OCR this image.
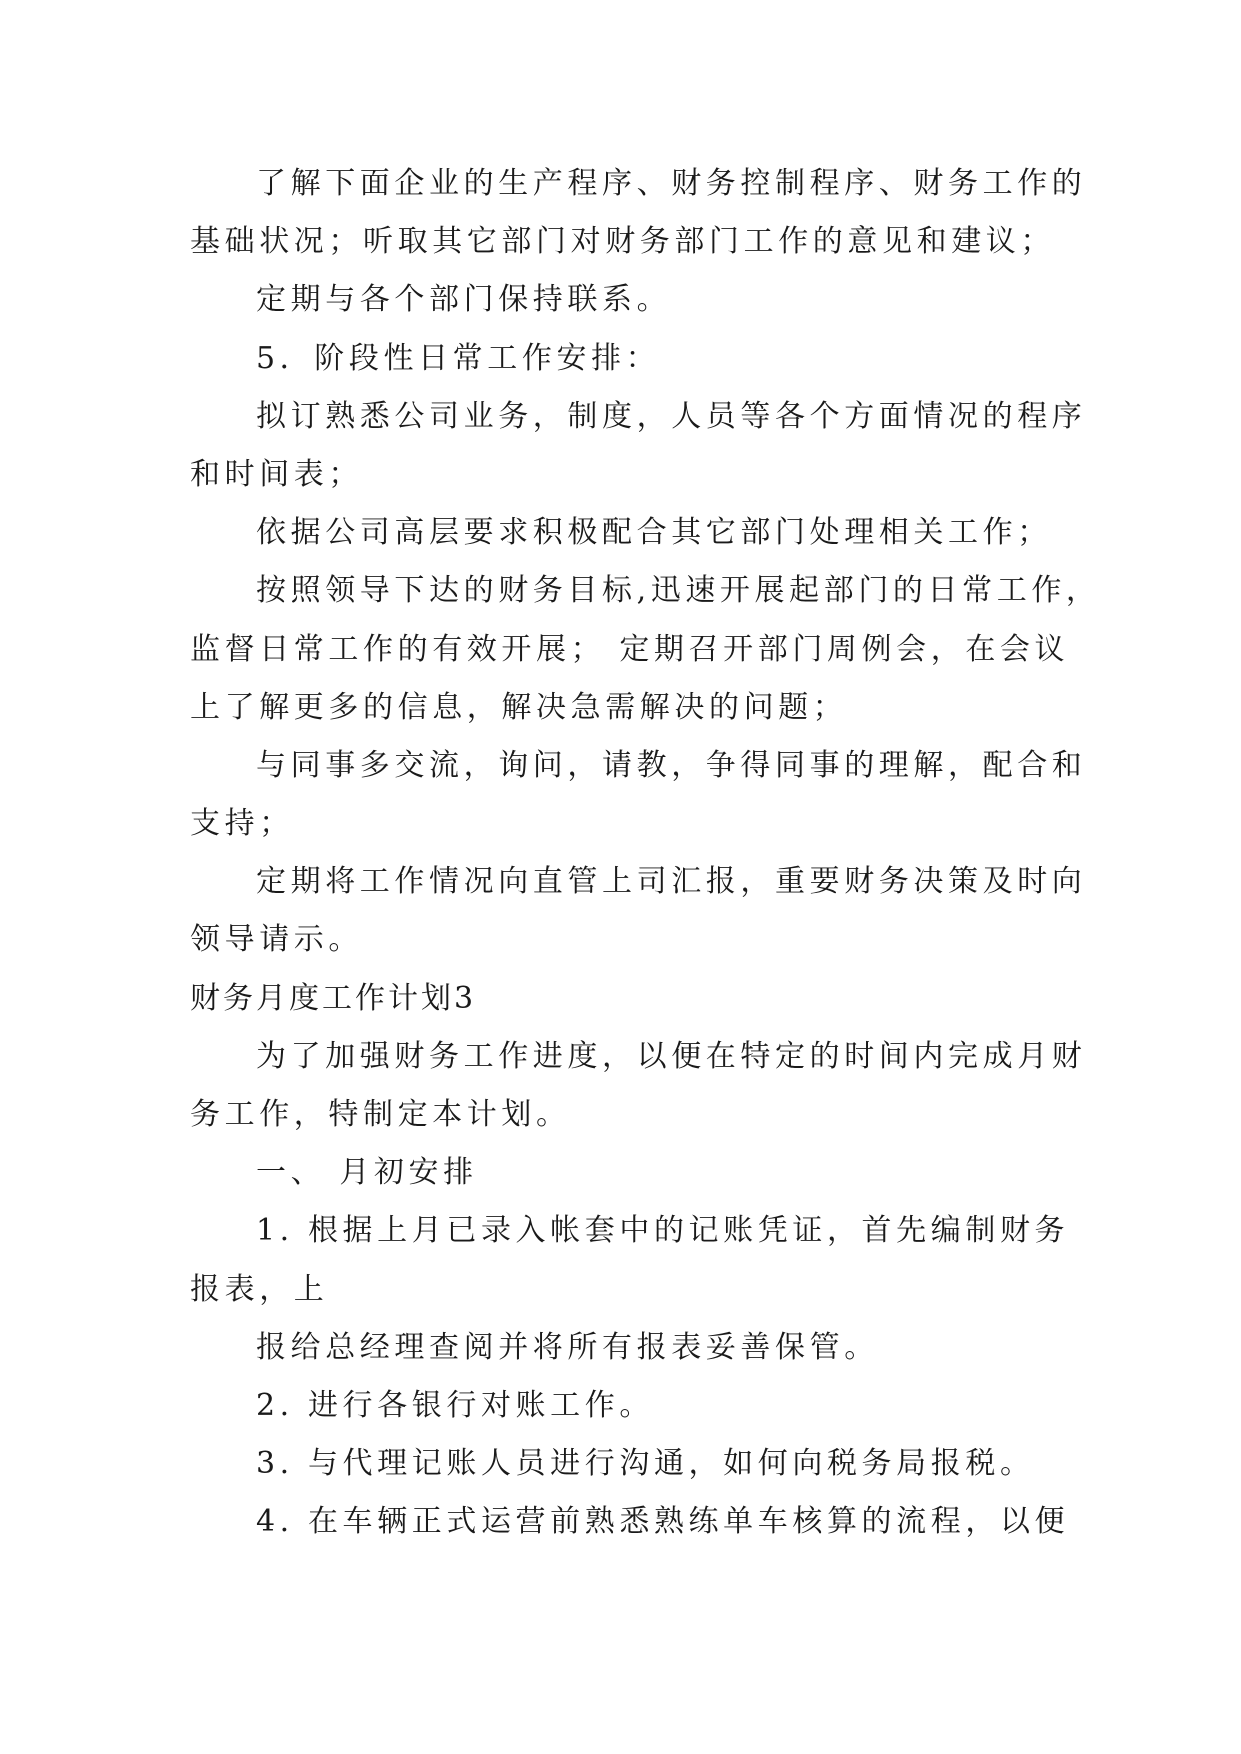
了解下面企业的生产程序、财务控制程序、财务工作的
基础状况；听取其它部门对财务部门工作的意见和建议；
定期与各个部门保持联系。
5．阶段性日常工作安排：
拟订熟悉公司业务，制度，人员等各个方面情况的程序
和时间表；
依据公司高层要求积极配合其它部门处理相关工作；
按照领导下达的财务目标,迅速开展起部门的日常工作，
监督日常工作的有效开展； 定期召开部门周例会，在会议
上了解更多的信息，解决急需解决的问题；
与同事多交流，询问，请教，争得同事的理解，配合和
支持；
定期将工作情况向直管上司汇报，重要财务决策及时向
领导请示。
财务月度工作计划3
为了加强财务工作进度，以便在特定的时间内完成月财
务工作，特制定本计划。
一、 月初安排
1. 根据上月已录入帐套中的记账凭证，首先编制财务
报表，上
报给总经理查阅并将所有报表妥善保管。
2. 进行各银行对账工作。
3. 与代理记账人员进行沟通，如何向税务局报税。
4. 在车辆正式运营前熟悉熟练单车核算的流程，以便
